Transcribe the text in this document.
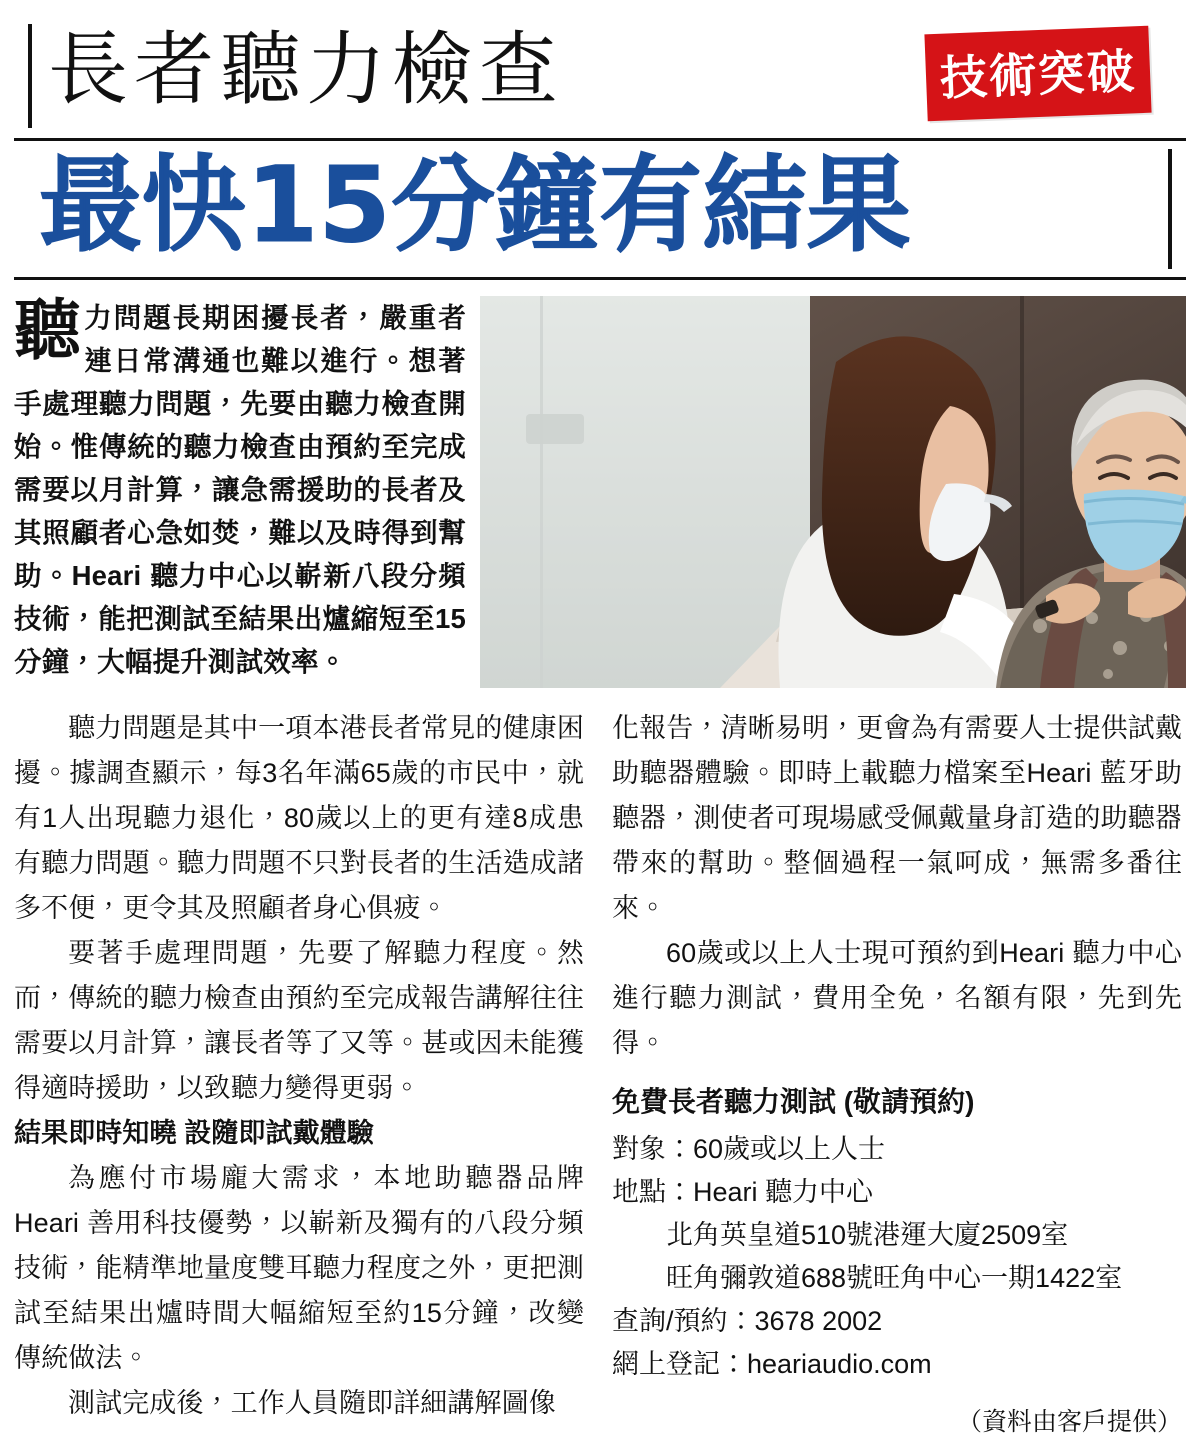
長者聽力檢查	技術突破
最快15分鐘有結果
聽力問題長期困擾長者，嚴重者連日常溝通也難以進行。想著手處理聽力問題，先要由聽力檢查開始。惟傳統的聽力檢查由預約至完成需要以月計算，讓急需援助的長者及其照顧者心急如焚，難以及時得到幫助。Heari 聽力中心以嶄新八段分頻技術，能把測試至結果出爐縮短至15分鐘，大幅提升測試效率。

聽力問題是其中一項本港長者常見的健康困擾。據調查顯示，每3名年滿65歲的市民中，就有1人出現聽力退化，80歲以上的更有達8成患有聽力問題。聽力問題不只對長者的生活造成諸多不便，更令其及照顧者身心俱疲。

要著手處理問題，先要了解聽力程度。然而，傳統的聽力檢查由預約至完成報告講解往往需要以月計算，讓長者等了又等。甚或因未能獲得適時援助，以致聽力變得更弱。

結果即時知曉 設隨即試戴體驗

為應付市場龐大需求，本地助聽器品牌Heari 善用科技優勢，以嶄新及獨有的八段分頻技術，能精準地量度雙耳聽力程度之外，更把測試至結果出爐時間大幅縮短至約15分鐘，改變傳統做法。

測試完成後，工作人員隨即詳細講解圖像

化報告，清晰易明，更會為有需要人士提供試戴助聽器體驗。即時上載聽力檔案至Heari 藍牙助聽器，測使者可現場感受佩戴量身訂造的助聽器帶來的幫助。整個過程一氣呵成，無需多番往來。

60歲或以上人士現可預約到Heari 聽力中心進行聽力測試，費用全免，名額有限，先到先得。

免費長者聽力測試 (敬請預約)
對象：60歲或以上人士
地點：Heari 聽力中心
北角英皇道510號港運大廈2509室
旺角彌敦道688號旺角中心一期1422室
查詢/預約：3678 2002
網上登記：heariaudio.com
（資料由客戶提供）
